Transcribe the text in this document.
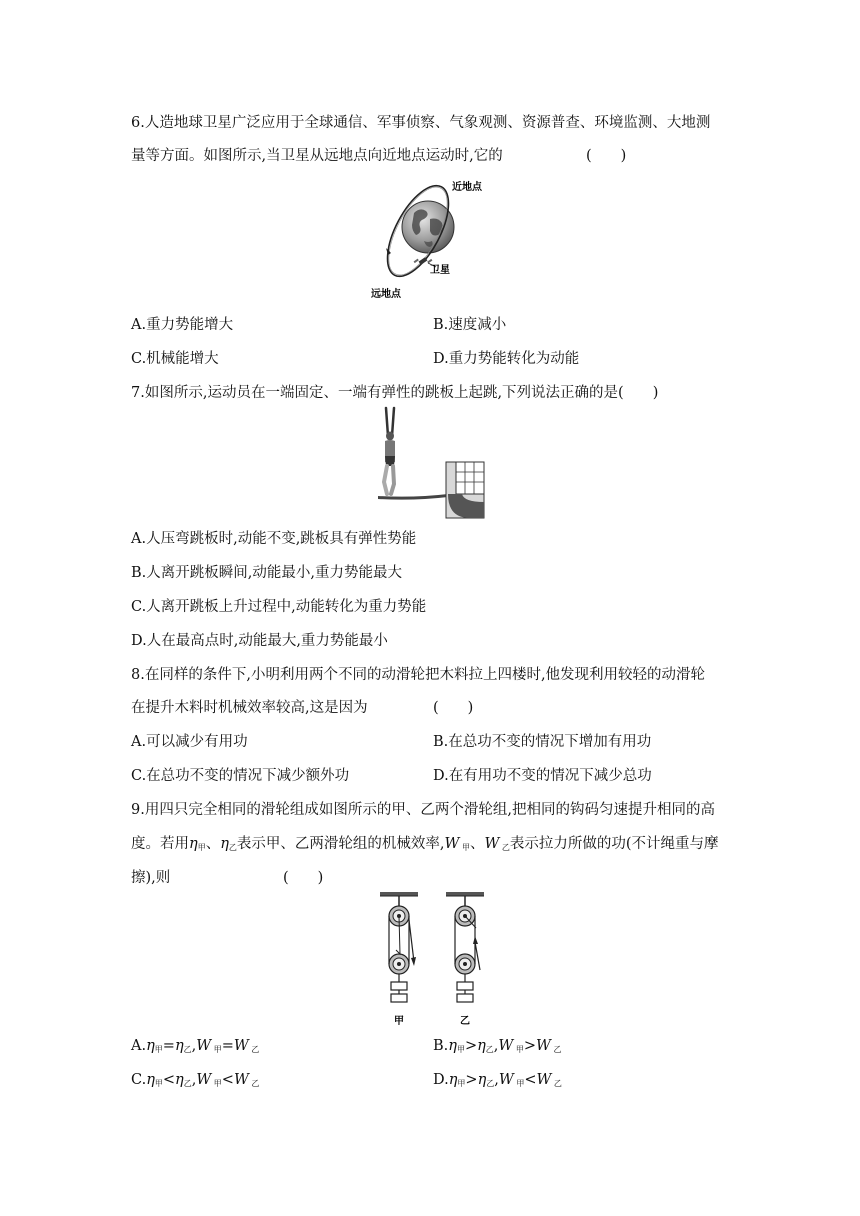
6.人造地球卫星广泛应用于全球通信、军事侦察、气象观测、资源普查、环境监测、大地测
量等方面。如图所示,当卫星从远地点向近地点运动时,它的	(　　)
近地点
卫星
远地点
A.重力势能增大	B.速度减小
C.机械能增大	D.重力势能转化为动能
7.如图所示,运动员在一端固定、一端有弹性的跳板上起跳,下列说法正确的是(　　)
A.人压弯跳板时,动能不变,跳板具有弹性势能
B.人离开跳板瞬间,动能最小,重力势能最大
C.人离开跳板上升过程中,动能转化为重力势能
D.人在最高点时,动能最大,重力势能最小
8.在同样的条件下,小明利用两个不同的动滑轮把木料拉上四楼时,他发现利用较轻的动滑轮
在提升木料时机械效率较高,这是因为	(　　)
A.可以减少有用功	B.在总功不变的情况下增加有用功
C.在总功不变的情况下减少额外功	D.在有用功不变的情况下减少总功
9.用四只完全相同的滑轮组成如图所示的甲、乙两个滑轮组,把相同的钩码匀速提升相同的高
度。若用$\eta_甲$、$\eta_乙$表示甲、乙两滑轮组的机械效率,W $_甲$、W $_乙$表示拉力所做的功(不计绳重与摩
擦),则	(　　)
甲	乙
$A.\eta_甲=\eta_乙,W$ $_甲$=W $_乙$	$B.\eta_甲>\eta_乙,W$ $_甲$>W $_乙$
$C.\eta_甲<\eta_乙,W$ $_甲$<W $_乙$	$D.\eta_甲>\eta_乙,W$ $_甲$<W $_乙$
